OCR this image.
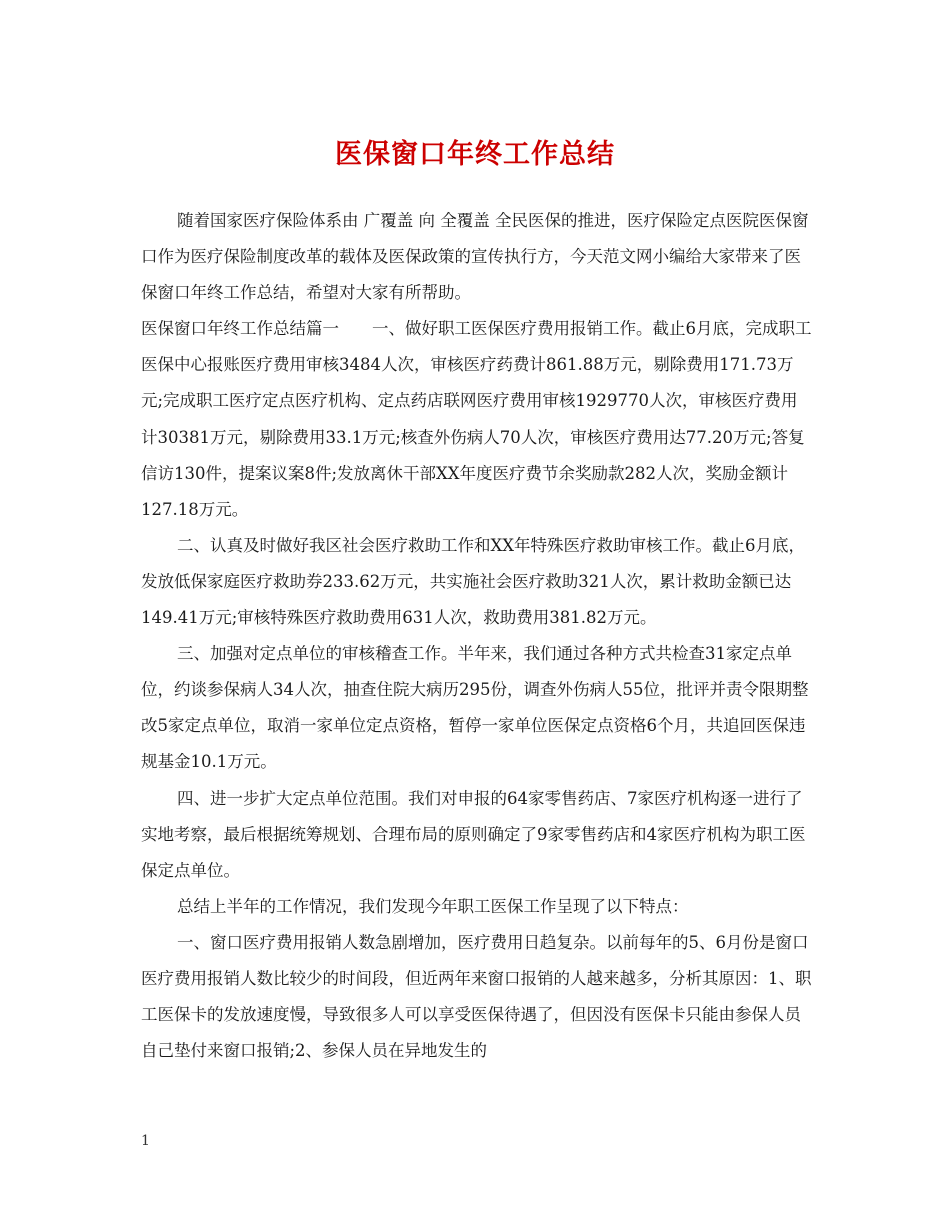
医保窗口年终工作总结

随着国家医疗保险体系由 广覆盖 向 全覆盖 全民医保的推进，医疗保险定点医院医保窗口作为医疗保险制度改革的载体及医保政策的宣传执行方，今天范文网小编给大家带来了医保窗口年终工作总结，希望对大家有所帮助。

医保窗口年终工作总结篇一　　一、做好职工医保医疗费用报销工作。截止6月底，完成职工医保中心报账医疗费用审核3484人次，审核医疗药费计861.88万元，剔除费用171.73万元;完成职工医疗定点医疗机构、定点药店联网医疗费用审核1929770人次，审核医疗费用计30381万元，剔除费用33.1万元;核查外伤病人70人次，审核医疗费用达77.20万元;答复信访130件，提案议案8件;发放离休干部XX年度医疗费节余奖励款282人次，奖励金额计127.18万元。

二、认真及时做好我区社会医疗救助工作和XX年特殊医疗救助审核工作。截止6月底，发放低保家庭医疗救助券233.62万元，共实施社会医疗救助321人次，累计救助金额已达149.41万元;审核特殊医疗救助费用631人次，救助费用381.82万元。

三、加强对定点单位的审核稽查工作。半年来，我们通过各种方式共检查31家定点单位，约谈参保病人34人次，抽查住院大病历295份，调查外伤病人55位，批评并责令限期整改5家定点单位，取消一家单位定点资格，暂停一家单位医保定点资格6个月，共追回医保违规基金10.1万元。

四、进一步扩大定点单位范围。我们对申报的64家零售药店、7家医疗机构逐一进行了实地考察，最后根据统筹规划、合理布局的原则确定了9家零售药店和4家医疗机构为职工医保定点单位。

总结上半年的工作情况，我们发现今年职工医保工作呈现了以下特点：

一、窗口医疗费用报销人数急剧增加，医疗费用日趋复杂。以前每年的5、6月份是窗口医疗费用报销人数比较少的时间段，但近两年来窗口报销的人越来越多，分析其原因：1、职工医保卡的发放速度慢，导致很多人可以享受医保待遇了，但因没有医保卡只能由参保人员自己垫付来窗口报销;2、参保人员在异地发生的

1
